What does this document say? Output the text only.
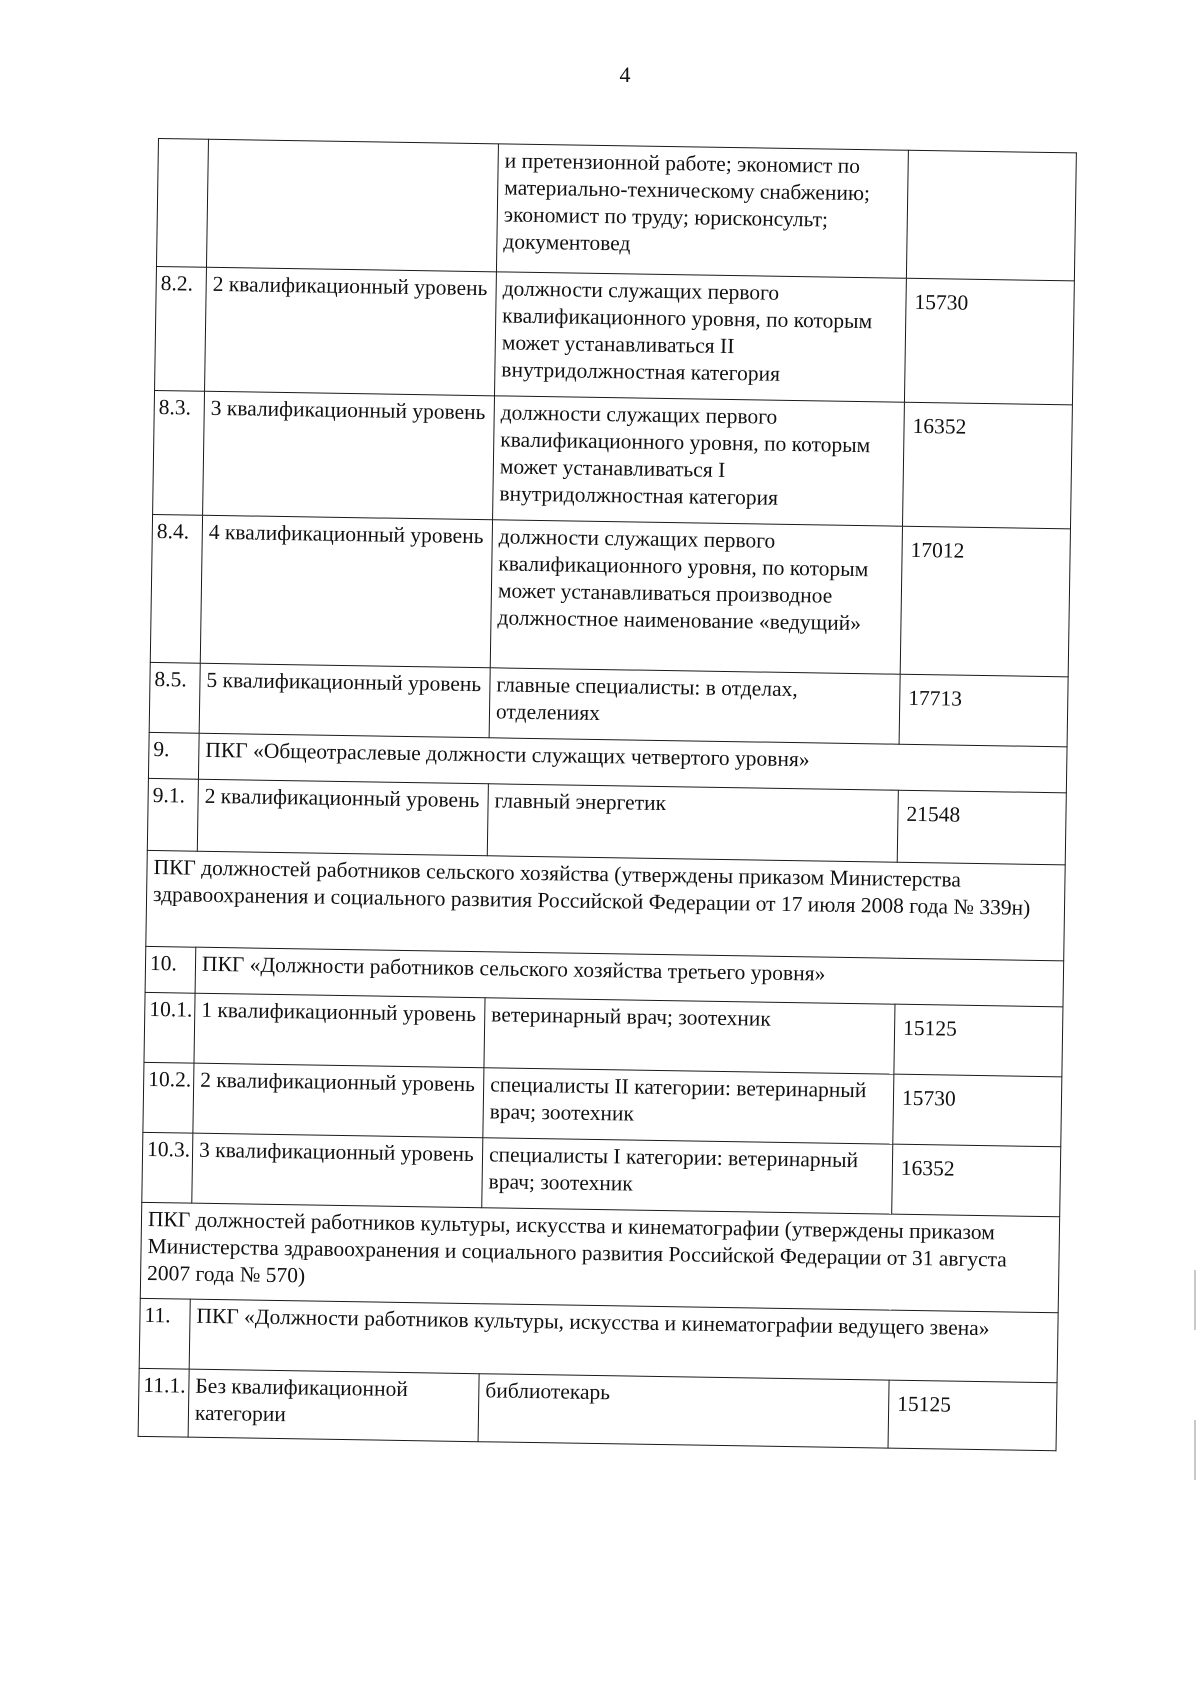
4
		и претензионной работе; экономист по материально-техническому снабжению; экономист по труду; юрисконсульт; документовед	
8.2.	2 квалификационный уровень	должности служащих первого квалификационного уровня, по которым может устанавливаться II внутридолжностная категория	15730
8.3.	3 квалификационный уровень	должности служащих первого квалификационного уровня, по которым может устанавливаться I внутридолжностная категория	16352
8.4.	4 квалификационный уровень	должности служащих первого квалификационного уровня, по которым может устанавливаться производное должностное наименование «ведущий»	17012
8.5.	5 квалификационный уровень	главные специалисты: в отделах, отделениях	17713
9.	ПКГ «Общеотраслевые должности служащих четвертого уровня»		
9.1.	2 квалификационный уровень	главный энергетик	21548
ПКГ должностей работников сельского хозяйства (утверждены приказом Министерства здравоохранения и социального развития Российской Федерации от 17 июля 2008 года № 339н)			
10.	ПКГ «Должности работников сельского хозяйства третьего уровня»		
10.1.	1 квалификационный уровень	ветеринарный врач; зоотехник	15125
10.2.	2 квалификационный уровень	специалисты II категории: ветеринарный врач; зоотехник	15730
10.3.	3 квалификационный уровень	специалисты I категории: ветеринарный врач; зоотехник	16352
ПКГ должностей работников культуры, искусства и кинематографии (утверждены приказом Министерства здравоохранения и социального развития Российской Федерации от 31 августа 2007 года № 570)			
11.	ПКГ «Должности работников культуры, искусства и кинематографии ведущего звена»		
11.1.	Без квалификационной категории	библиотекарь	15125
